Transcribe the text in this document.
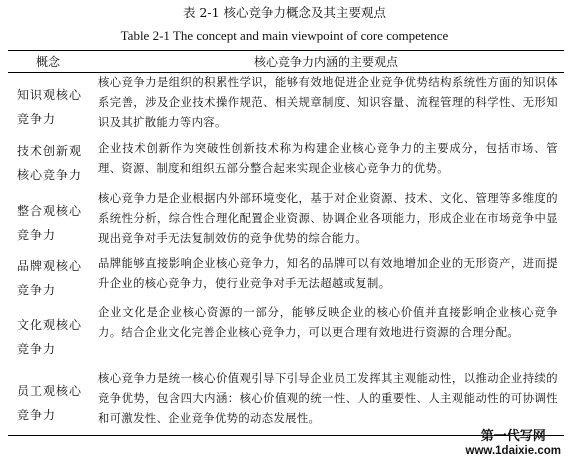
表 2-1 核心竞争力概念及其主要观点
Table 2-1 The concept and main viewpoint of core competence
概念	核心竞争力内涵的主要观点
知识观核心竞争力
核心竞争力是组织的积累性学识，能够有效地促进企业竞争优势结构系统性方面的知识体系完善，涉及企业技术操作规范、相关规章制度、知识容量、流程管理的科学性、无形知识及其扩散能力等内容。
技术创新观核心竞争力
企业技术创新作为突破性创新技术称为构建企业核心竞争力的主要成分，包括市场、管理、资源、制度和组织五部分整合起来实现企业核心竞争力的优势。
整合观核心竞争力
核心竞争力是企业根据内外部环境变化，基于对企业资源、技术、文化、管理等多维度的系统性分析，综合性合理化配置企业资源、协调企业各项能力，形成企业在市场竞争中显现出竞争对手无法复制效仿的竞争优势的综合能力。
品牌观核心竞争力
品牌能够直接影响企业核心竞争力，知名的品牌可以有效地增加企业的无形资产，进而提升企业的核心竞争力，使行业竞争对手无法超越或复制。
文化观核心竞争力
企业文化是企业核心资源的一部分，能够反映企业的核心价值并直接影响企业核心竞争力。结合企业文化完善企业核心竞争力，可以更合理有效地进行资源的合理分配。
员工观核心竞争力
核心竞争力是统一核心价值观引导下引导企业员工发挥其主观能动性，以推动企业持续的竞争优势，包含四大内涵：核心价值观的统一性、人的重要性、人主观能动性的可协调性和可激发性、企业竞争优势的动态发展性。
第一代写网
www.1daixie.com
